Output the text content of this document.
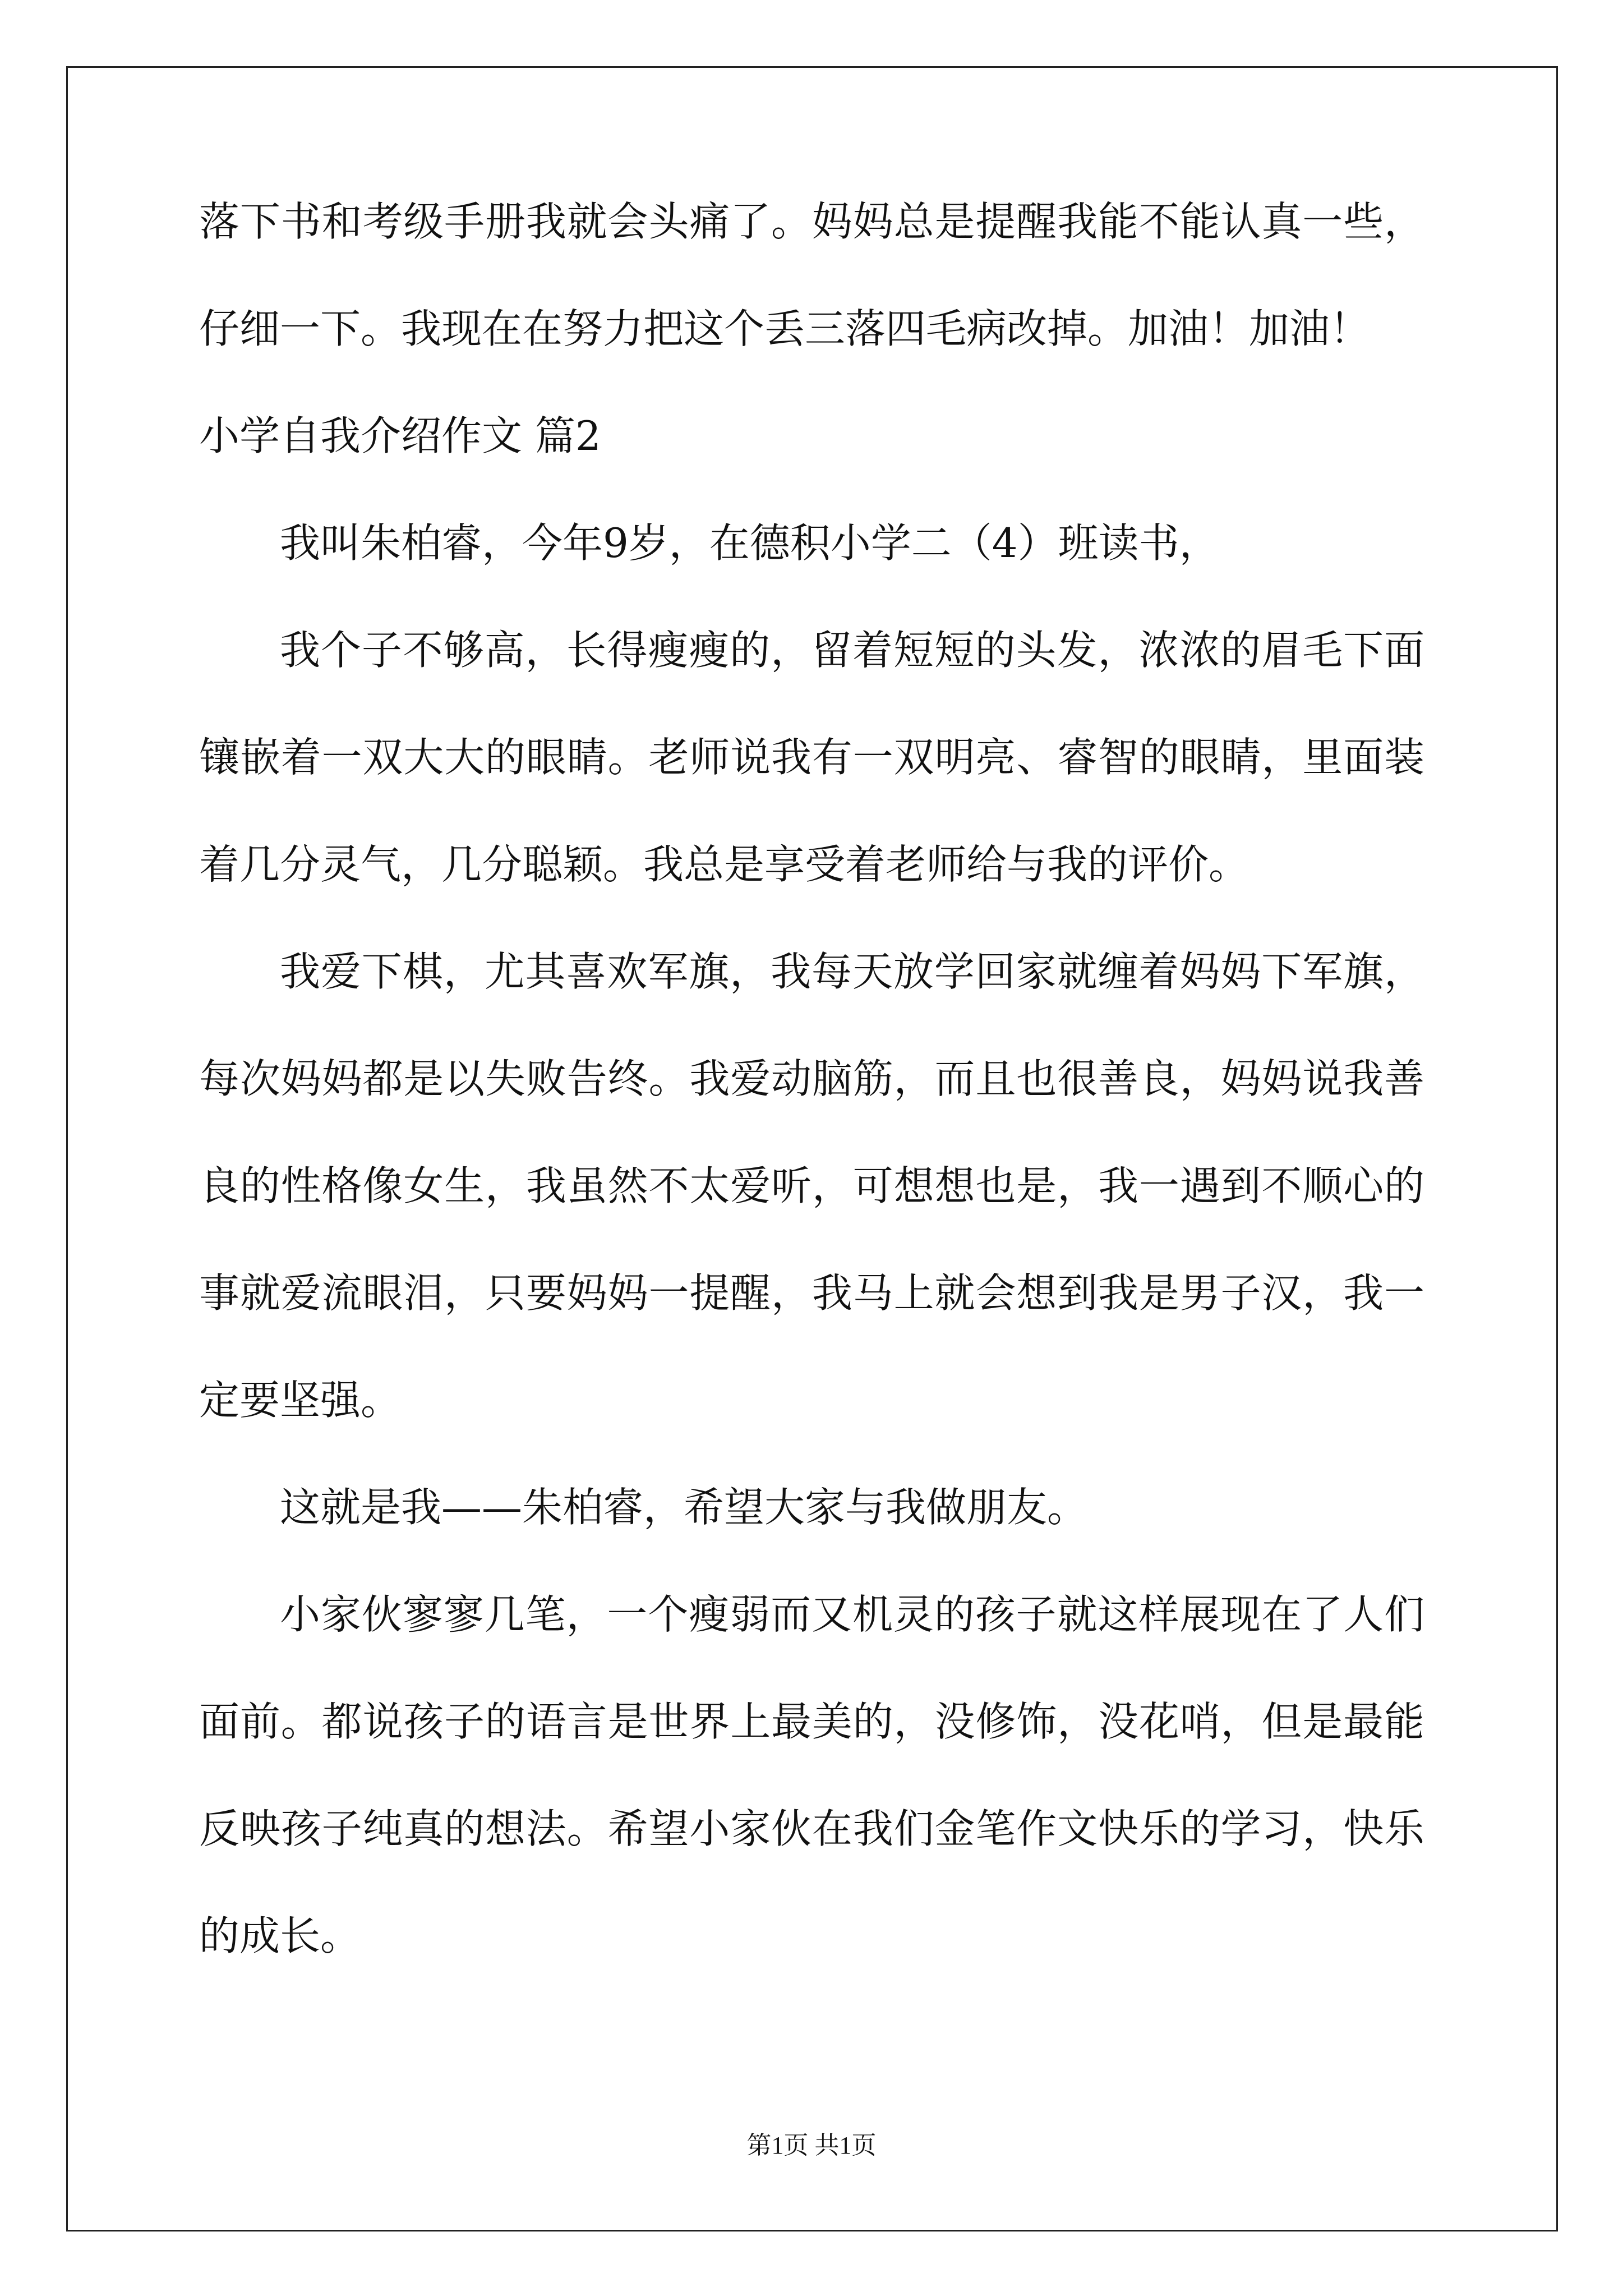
落下书和考级手册我就会头痛了。妈妈总是提醒我能不能认真一些，仔细一下。我现在在努力把这个丢三落四毛病改掉。加油！加油！

小学自我介绍作文 篇2

我叫朱柏睿，今年9岁，在德积小学二（4）班读书，

我个子不够高，长得瘦瘦的，留着短短的头发，浓浓的眉毛下面镶嵌着一双大大的眼睛。老师说我有一双明亮、睿智的眼睛，里面装着几分灵气，几分聪颖。我总是享受着老师给与我的评价。

我爱下棋，尤其喜欢军旗，我每天放学回家就缠着妈妈下军旗，每次妈妈都是以失败告终。我爱动脑筋，而且也很善良，妈妈说我善良的性格像女生，我虽然不太爱听，可想想也是，我一遇到不顺心的事就爱流眼泪，只要妈妈一提醒，我马上就会想到我是男子汉，我一定要坚强。

这就是我——朱柏睿，希望大家与我做朋友。

小家伙寥寥几笔，一个瘦弱而又机灵的孩子就这样展现在了人们面前。都说孩子的语言是世界上最美的，没修饰，没花哨，但是最能反映孩子纯真的想法。希望小家伙在我们金笔作文快乐的学习，快乐的成长。

第1页 共1页
